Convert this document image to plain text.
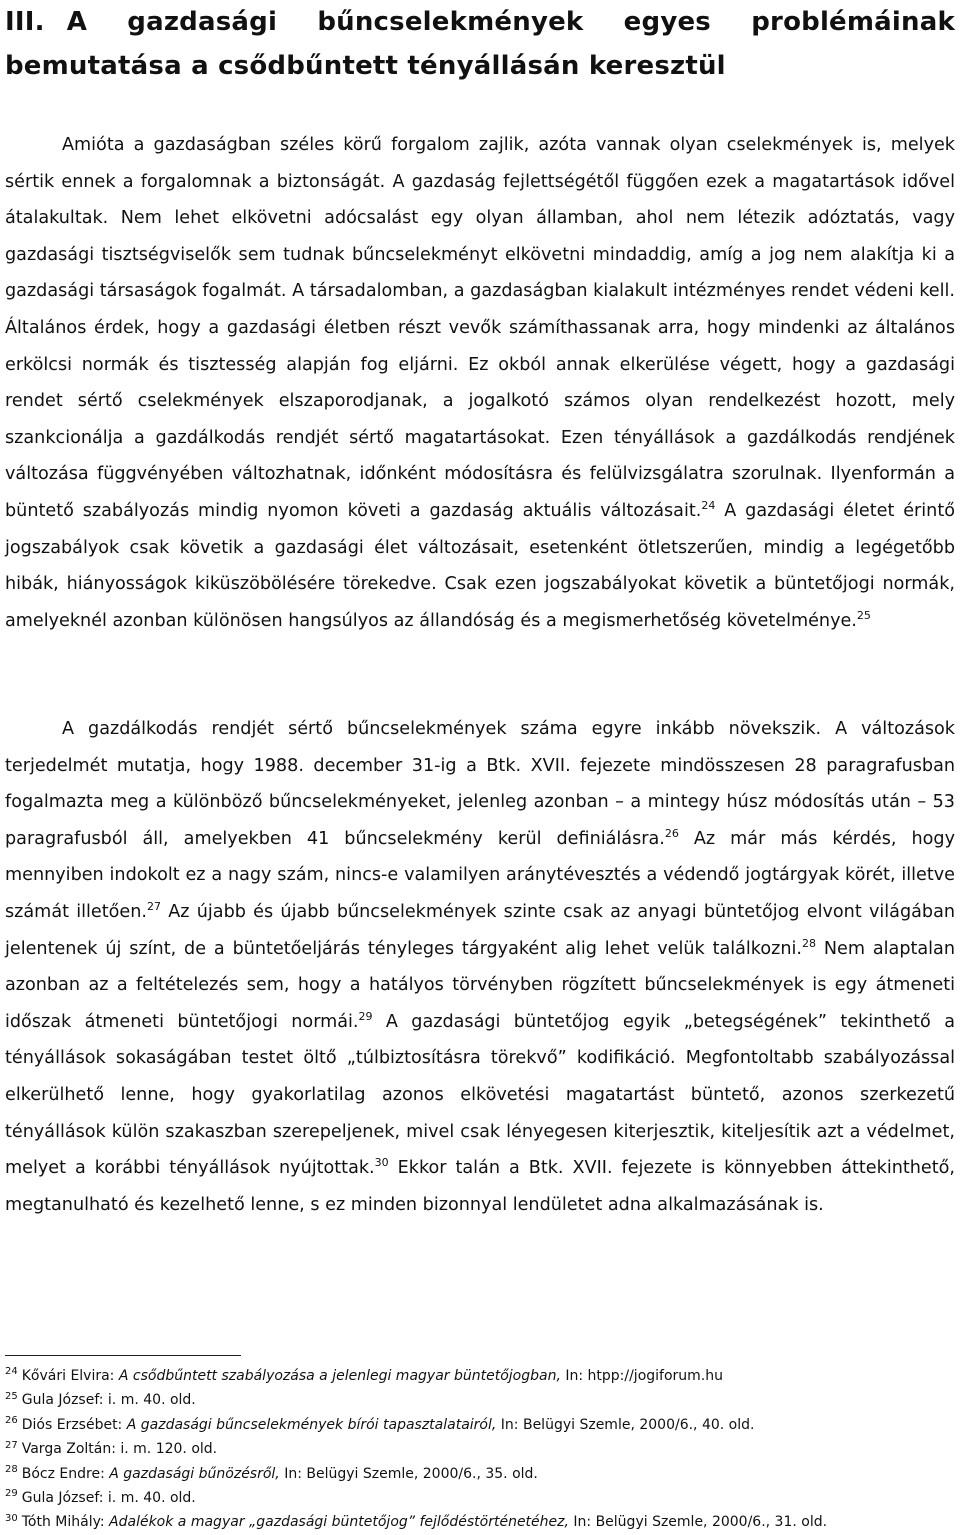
III. A gazdasági bűncselekmények egyes problémáinak bemutatása a csődbűntett tényállásán keresztül

Amióta a gazdaságban széles körű forgalom zajlik, azóta vannak olyan cselekmények is, melyek sértik ennek a forgalomnak a biztonságát. A gazdaság fejlettségétől függően ezek a magatartások idővel átalakultak. Nem lehet elkövetni adócsalást egy olyan államban, ahol nem létezik adóztatás, vagy gazdasági tisztségviselők sem tudnak bűncselekményt elkövetni mindaddig, amíg a jog nem alakítja ki a gazdasági társaságok fogalmát. A társadalomban, a gazdaságban kialakult intézményes rendet védeni kell. Általános érdek, hogy a gazdasági életben részt vevők számíthassanak arra, hogy mindenki az általános erkölcsi normák és tisztesség alapján fog eljárni. Ez okból annak elkerülése végett, hogy a gazdasági rendet sértő cselekmények elszaporodjanak, a jogalkotó számos olyan rendelkezést hozott, mely szankcionálja a gazdálkodás rendjét sértő magatartásokat. Ezen tényállások a gazdálkodás rendjének változása függvényében változhatnak, időnként módosításra és felülvizsgálatra szorulnak. Ilyenformán a büntető szabályozás mindig nyomon követi a gazdaság aktuális változásait.$^{24}$ A gazdasági életet érintő jogszabályok csak követik a gazdasági élet változásait, esetenként ötletszerűen, mindig a legégetőbb hibák, hiányosságok kiküszöbölésére törekedve. Csak ezen jogszabályokat követik a büntetőjogi normák, amelyeknél azonban különösen hangsúlyos az állandóság és a megismerhetőség követelménye.$^{25}$

A gazdálkodás rendjét sértő bűncselekmények száma egyre inkább növekszik. A változások terjedelmét mutatja, hogy 1988. december 31-ig a Btk. XVII. fejezete mindösszesen 28 paragrafusban fogalmazta meg a különböző bűncselekményeket, jelenleg azonban – a mintegy húsz módosítás után – 53 paragrafusból áll, amelyekben 41 bűncselekmény kerül definiálásra.$^{26}$ Az már más kérdés, hogy mennyiben indokolt ez a nagy szám, nincs-e valamilyen aránytévesztés a védendő jogtárgyak körét, illetve számát illetően.$^{27}$ Az újabb és újabb bűncselekmények szinte csak az anyagi büntetőjog elvont világában jelentenek új színt, de a büntetőeljárás tényleges tárgyaként alig lehet velük találkozni.$^{28}$ Nem alaptalan azonban az a feltételezés sem, hogy a hatályos törvényben rögzített bűncselekmények is egy átmeneti időszak átmeneti büntetőjogi normái.$^{29}$ A gazdasági büntetőjog egyik „betegségének” tekinthető a tényállások sokaságában testet öltő „túlbiztosításra törekvő” kodifikáció. Megfontoltabb szabályozással elkerülhető lenne, hogy gyakorlatilag azonos elkövetési magatartást büntető, azonos szerkezetű tényállások külön szakaszban szerepeljenek, mivel csak lényegesen kiterjesztik, kiteljesítik azt a védelmet, melyet a korábbi tényállások nyújtottak.$^{30}$ Ekkor talán a Btk. XVII. fejezete is könnyebben áttekinthető, megtanulható és kezelhető lenne, s ez minden bizonnyal lendületet adna alkalmazásának is.

$^{24}$ Kővári Elvira: A csődbűntett szabályozása a jelenlegi magyar büntetőjogban, In: htpp://jogiforum.hu

$^{25}$ Gula József: i. m. 40. old.

$^{26}$ Diós Erzsébet: A gazdasági bűncselekmények bírói tapasztalatairól, In: Belügyi Szemle, 2000/6., 40. old.

$^{27}$ Varga Zoltán: i. m. 120. old.

$^{28}$ Bócz Endre: A gazdasági bűnözésről, In: Belügyi Szemle, 2000/6., 35. old.

$^{29}$ Gula József: i. m. 40. old.

$^{30}$ Tóth Mihály: Adalékok a magyar „gazdasági büntetőjog” fejlődéstörténetéhez, In: Belügyi Szemle, 2000/6., 31. old.
